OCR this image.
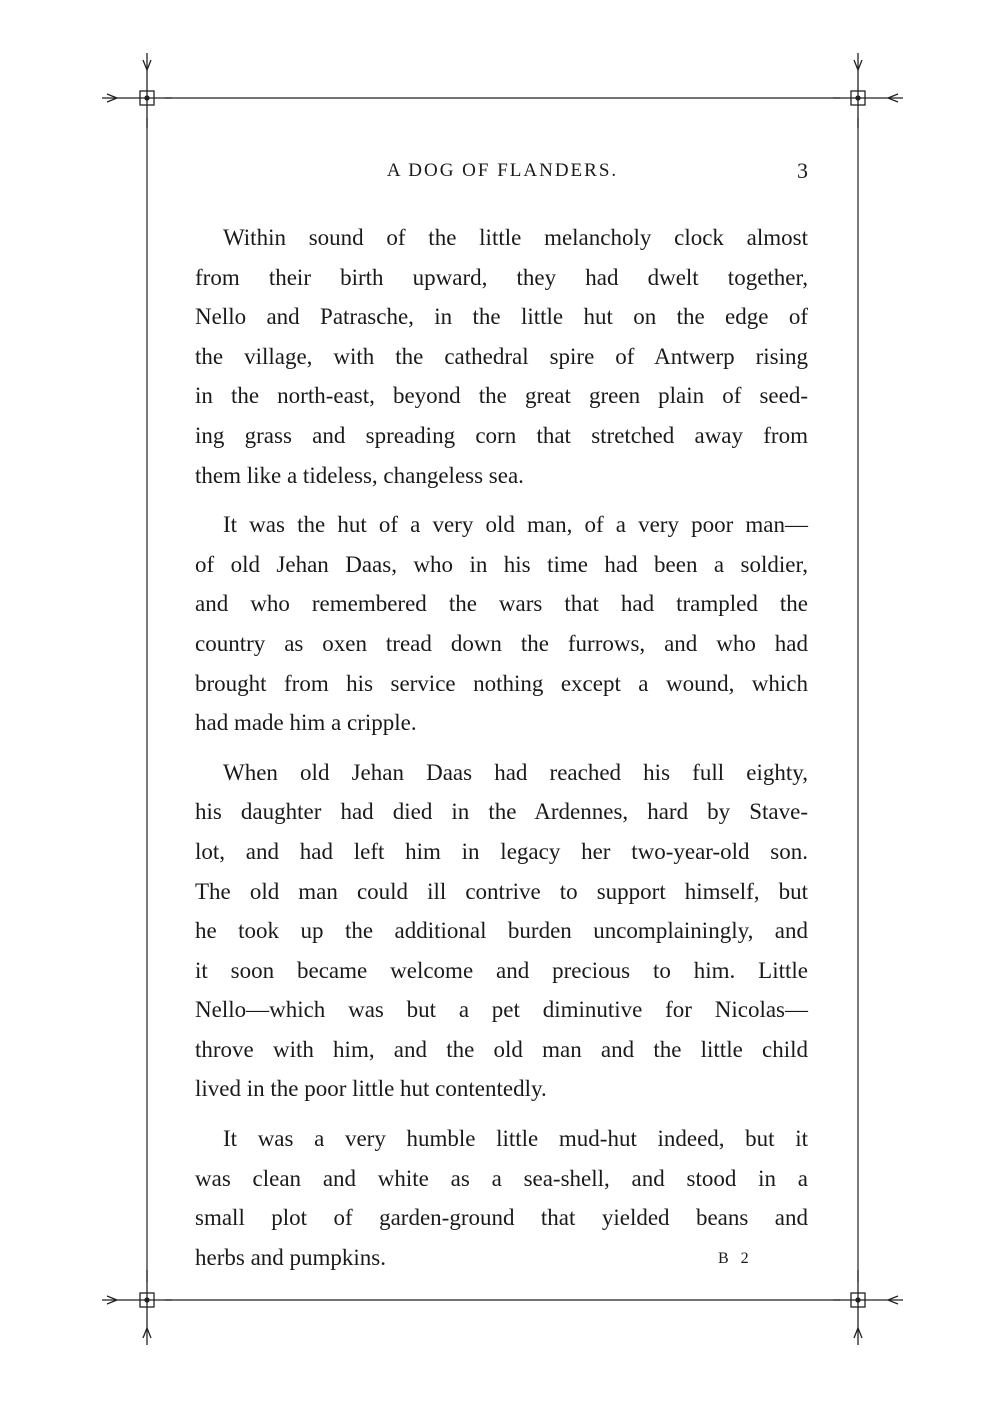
A DOG OF FLANDERS.	3
Within sound of the little melancholy clock almost
from their birth upward, they had dwelt together,
Nello and Patrasche, in the little hut on the edge of
the village, with the cathedral spire of Antwerp rising
in the north-east, beyond the great green plain of seed-
ing grass and spreading corn that stretched away from
them like a tideless, changeless sea.
It was the hut of a very old man, of a very poor man—
of old Jehan Daas, who in his time had been a soldier,
and who remembered the wars that had trampled the
country as oxen tread down the furrows, and who had
brought from his service nothing except a wound, which
had made him a cripple.
When old Jehan Daas had reached his full eighty,
his daughter had died in the Ardennes, hard by Stave-
lot, and had left him in legacy her two-year-old son.
The old man could ill contrive to support himself, but
he took up the additional burden uncomplainingly, and
it soon became welcome and precious to him. Little
Nello—which was but a pet diminutive for Nicolas—
throve with him, and the old man and the little child
lived in the poor little hut contentedly.
It was a very humble little mud-hut indeed, but it
was clean and white as a sea-shell, and stood in a
small plot of garden-ground that yielded beans and
herbs and pumpkins.	B 2
